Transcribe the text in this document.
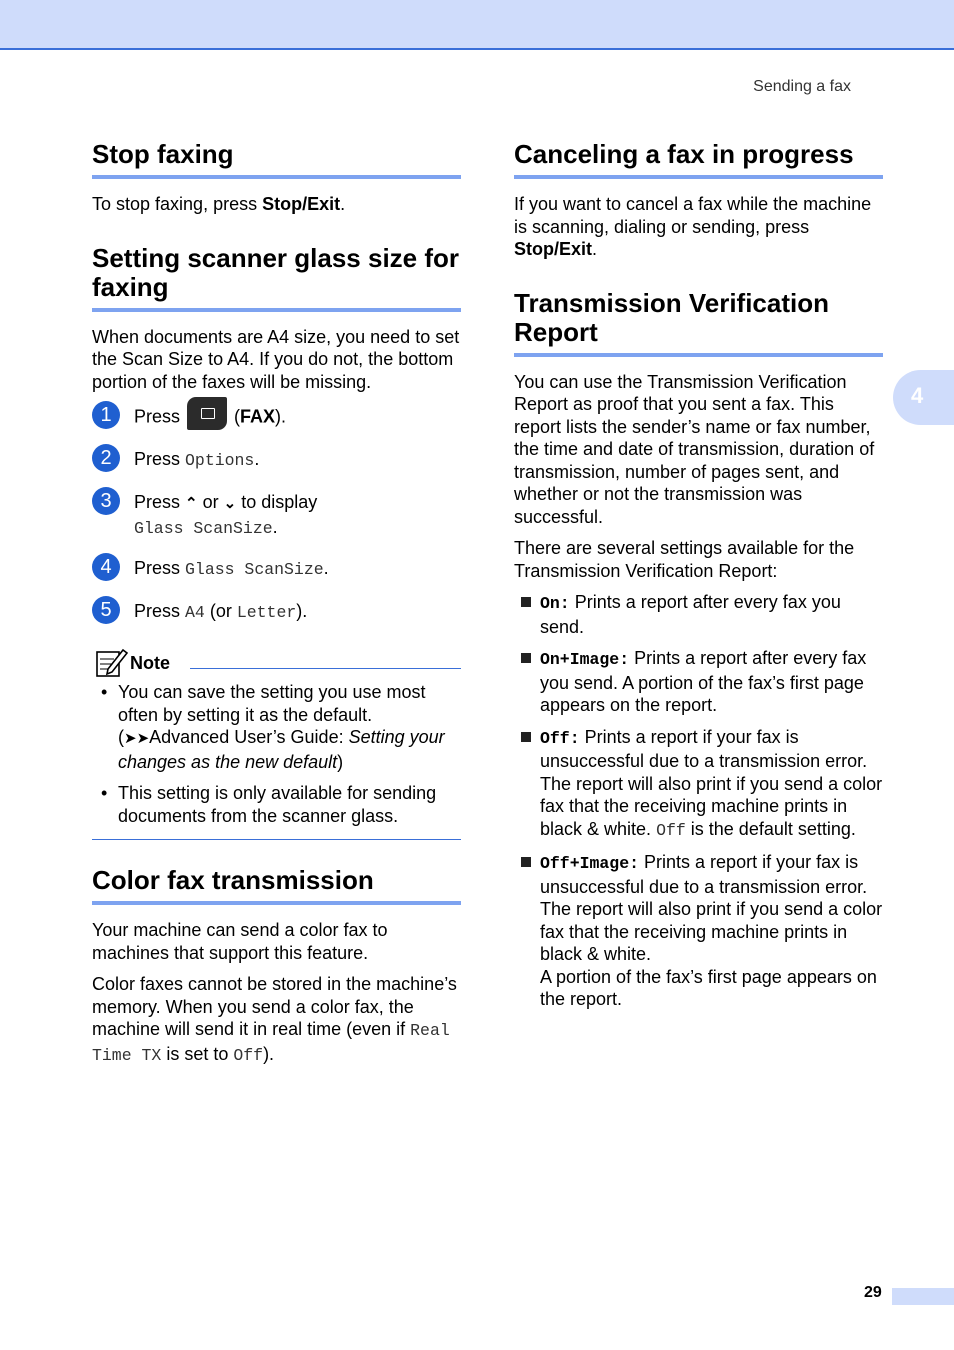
Sending a fax
Stop faxing

To stop faxing, press Stop/Exit.

Setting scanner glass size for faxing

When documents are A4 size, you need to set the Scan Size to A4. If you do not, the bottom portion of the faxes will be missing.

1	Press  (FAX).
2	Press Options.
3	Press ⌃ or ⌄ to display
Glass ScanSize.
4	Press Glass ScanSize.
5	Press A4 (or Letter).
Note
• You can save the setting you use most often by setting it as the default. (➤➤Advanced User’s Guide: Setting your changes as the new default)
• This setting is only available for sending documents from the scanner glass.
Color fax transmission

Your machine can send a color fax to machines that support this feature.

Color faxes cannot be stored in the machine’s memory. When you send a color fax, the machine will send it in real time (even if Real Time TX is set to Off).

Canceling a fax in progress

If you want to cancel a fax while the machine is scanning, dialing or sending, press Stop/Exit.

Transmission Verification Report

You can use the Transmission Verification Report as proof that you sent a fax. This report lists the sender’s name or fax number, the time and date of transmission, duration of transmission, number of pages sent, and whether or not the transmission was successful.

There are several settings available for the Transmission Verification Report:

On: Prints a report after every fax you send.
On+Image: Prints a report after every fax you send. A portion of the fax’s first page appears on the report.
Off: Prints a report if your fax is unsuccessful due to a transmission error. The report will also print if you send a color fax that the receiving machine prints in black & white. Off is the default setting.
Off+Image: Prints a report if your fax is unsuccessful due to a transmission error. The report will also print if you send a color fax that the receiving machine prints in black & white.
A portion of the fax’s first page appears on the report.
4
29
